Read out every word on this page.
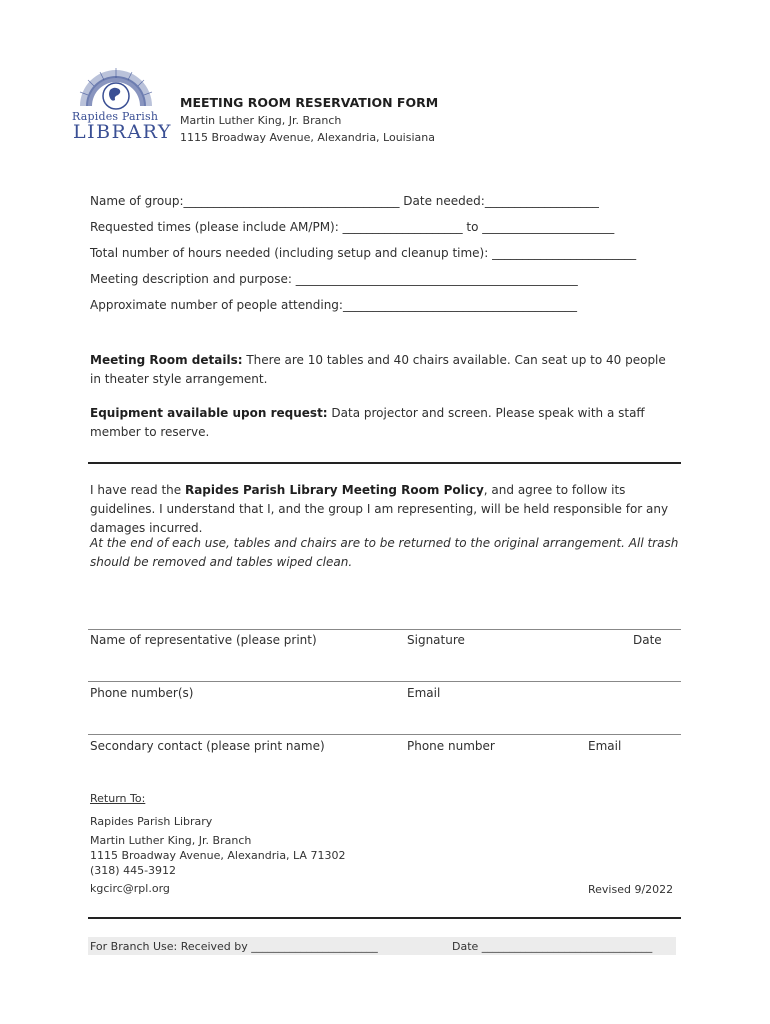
Rapides Parish
LIBRARY
MEETING ROOM RESERVATION FORM
Martin Luther King, Jr. Branch
1115 Broadway Avenue, Alexandria, Louisiana
Name of group:____________________________________ Date needed:___________________
Requested times (please include AM/PM): ____________________ to ______________________
Total number of hours needed (including setup and cleanup time): ________________________
Meeting description and purpose: _______________________________________________
Approximate number of people attending:_______________________________________
Meeting Room details: There are 10 tables and 40 chairs available. Can seat up to 40 people in theater style arrangement.
Equipment available upon request: Data projector and screen. Please speak with a staff member to reserve.
I have read the Rapides Parish Library Meeting Room Policy, and agree to follow its guidelines. I understand that I, and the group I am representing, will be held responsible for any damages incurred.
At the end of each use, tables and chairs are to be returned to the original arrangement. All trash should be removed and tables wiped clean.
Name of representative (please print)	Signature	Date
Phone number(s)	Email
Secondary contact (please print name)	Phone number	Email
Return To:
Rapides Parish Library
Martin Luther King, Jr. Branch
1115 Broadway Avenue, Alexandria, LA 71302
(318) 445-3912
kgcirc@rpl.org	Revised 9/2022
For Branch Use: Received by _______________________	Date _______________________________
